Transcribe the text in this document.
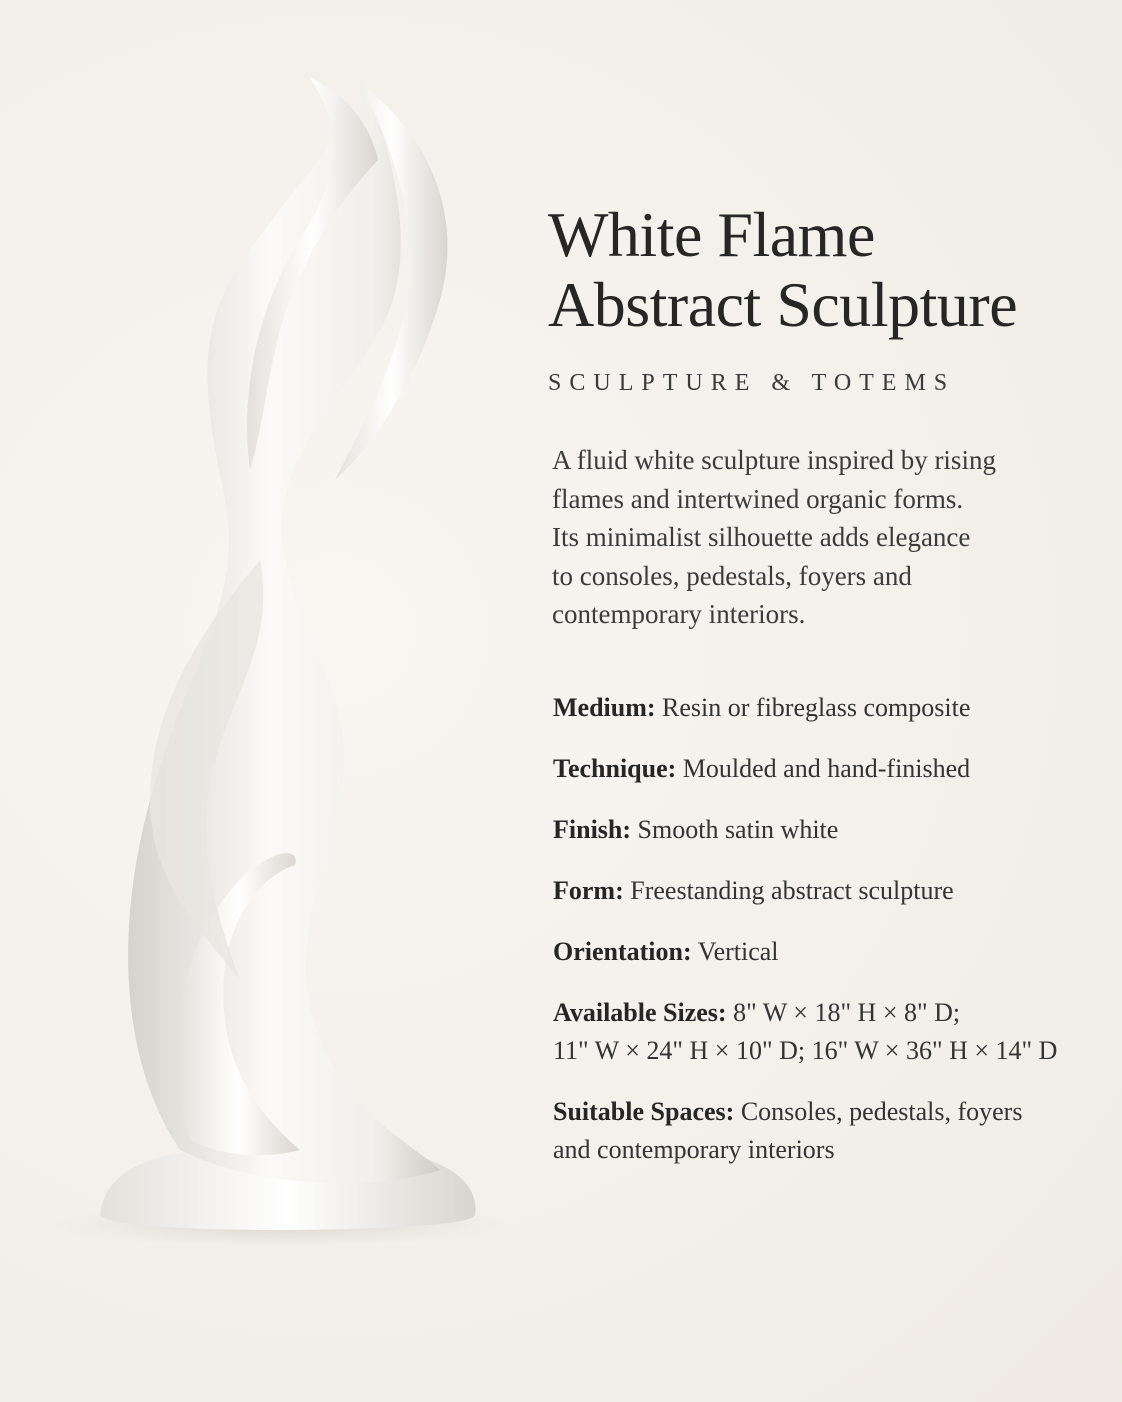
White Flame
Abstract Sculpture
SCULPTURE & TOTEMS
A fluid white sculpture inspired by rising
flames and intertwined organic forms.
Its minimalist silhouette adds elegance
to consoles, pedestals, foyers and
contemporary interiors.
Medium: Resin or fibreglass composite
Technique: Moulded and hand-finished
Finish: Smooth satin white
Form: Freestanding abstract sculpture
Orientation: Vertical
Available Sizes: 8" W × 18" H × 8" D;
11" W × 24" H × 10" D; 16" W × 36" H × 14" D
Suitable Spaces: Consoles, pedestals, foyers
and contemporary interiors
